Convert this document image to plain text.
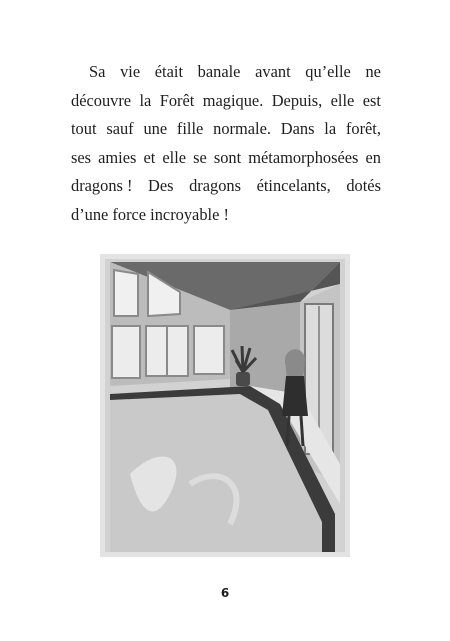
Sa vie était banale avant qu’elle ne
découvre la Forêt magique. Depuis, elle est
tout sauf une fille normale. Dans la forêt,
ses amies et elle se sont métamorphosées en
dragons ! Des dragons étincelants, dotés
d’une force incroyable !
6
